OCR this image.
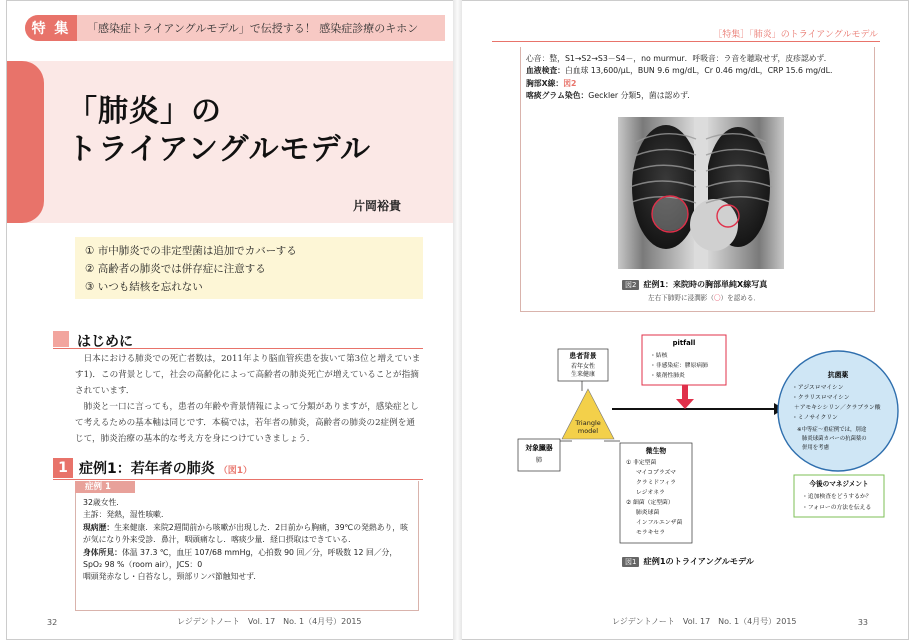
特 集	「感染症トライアングルモデル」で伝授する！ 感染症診療のキホン
「肺炎」の
トライアングルモデル
片岡裕貴
① 市中肺炎での非定型菌は追加でカバーする
② 高齢者の肺炎では併存症に注意する
③ いつも結核を忘れない
はじめに

日本における肺炎での死亡者数は，2011年より脳血管疾患を抜いて第3位と増えています1)．この背景として，社会の高齢化によって高齢者の肺炎死亡が増えていることが指摘されています．

肺炎と一口に言っても，患者の年齢や背景情報によって分類がありますが，感染症として考えるための基本軸は同じです．本稿では，若年者の肺炎，高齢者の肺炎の2症例を通じて，肺炎治療の基本的な考え方を身につけていきましょう．

1 症例1：若年者の肺炎 （図1）
症例 1
32歳女性．
主訴：発熱，湿性咳嗽．
現病歴：生来健康．来院2週間前から咳嗽が出現した．2日前から胸痛，39℃の発熱あり，咳
が気になり外来受診．鼻汁，咽頭痛なし．喀痰少量．経口摂取はできている．
身体所見：体温 37.3 ℃，血圧 107/68 mmHg，心拍数 90 回／分，呼吸数 12 回／分，
SpO₂ 98 %（room air），JCS：0
咽頭発赤なし・白苔なし，頸部リンパ節触知せず．
32	レジデントノート　Vol. 17　No. 1（4月号）2015
［特集］「肺炎」のトライアングルモデル
心音：整，S1→S2→S3－S4－，no murmur．呼吸音：ラ音を聴取せず，皮疹認めず．
血液検査：白血球 13,600/μL，BUN 9.6 mg/dL，Cr 0.46 mg/dL，CRP 15.6 mg/dL．
胸部X線：図2
喀痰グラム染色：Geckler 分類5，菌は認めず．
図2 症例1：来院時の胸部単純X線写真
左右下肺野に浸潤影（〇）を認める．
Triangle
model
患者背景
若年女性
生来健康
対象臓器
肺
微生物
① 非定型菌
マイコプラズマ
クラミドフィラ
レジオネラ
② 細菌（定型菌）
肺炎球菌
インフルエンザ菌
モラキセラ
pitfall
・結核
・非感染症：膠原病肺
・薬剤性肺炎	抗菌薬
・アジスロマイシン
・クラリスロマイシン
＋アモキシシリン／クラブラン酸
・ミノサイクリン
※中等症〜重症例では，別途
肺炎球菌カバーの抗菌薬の
併用を考慮
今後のマネジメント
・追加検査をどうするか？
・フォローの方法を伝える
図1 症例1のトライアングルモデル
レジデントノート　Vol. 17　No. 1（4月号）2015	33
